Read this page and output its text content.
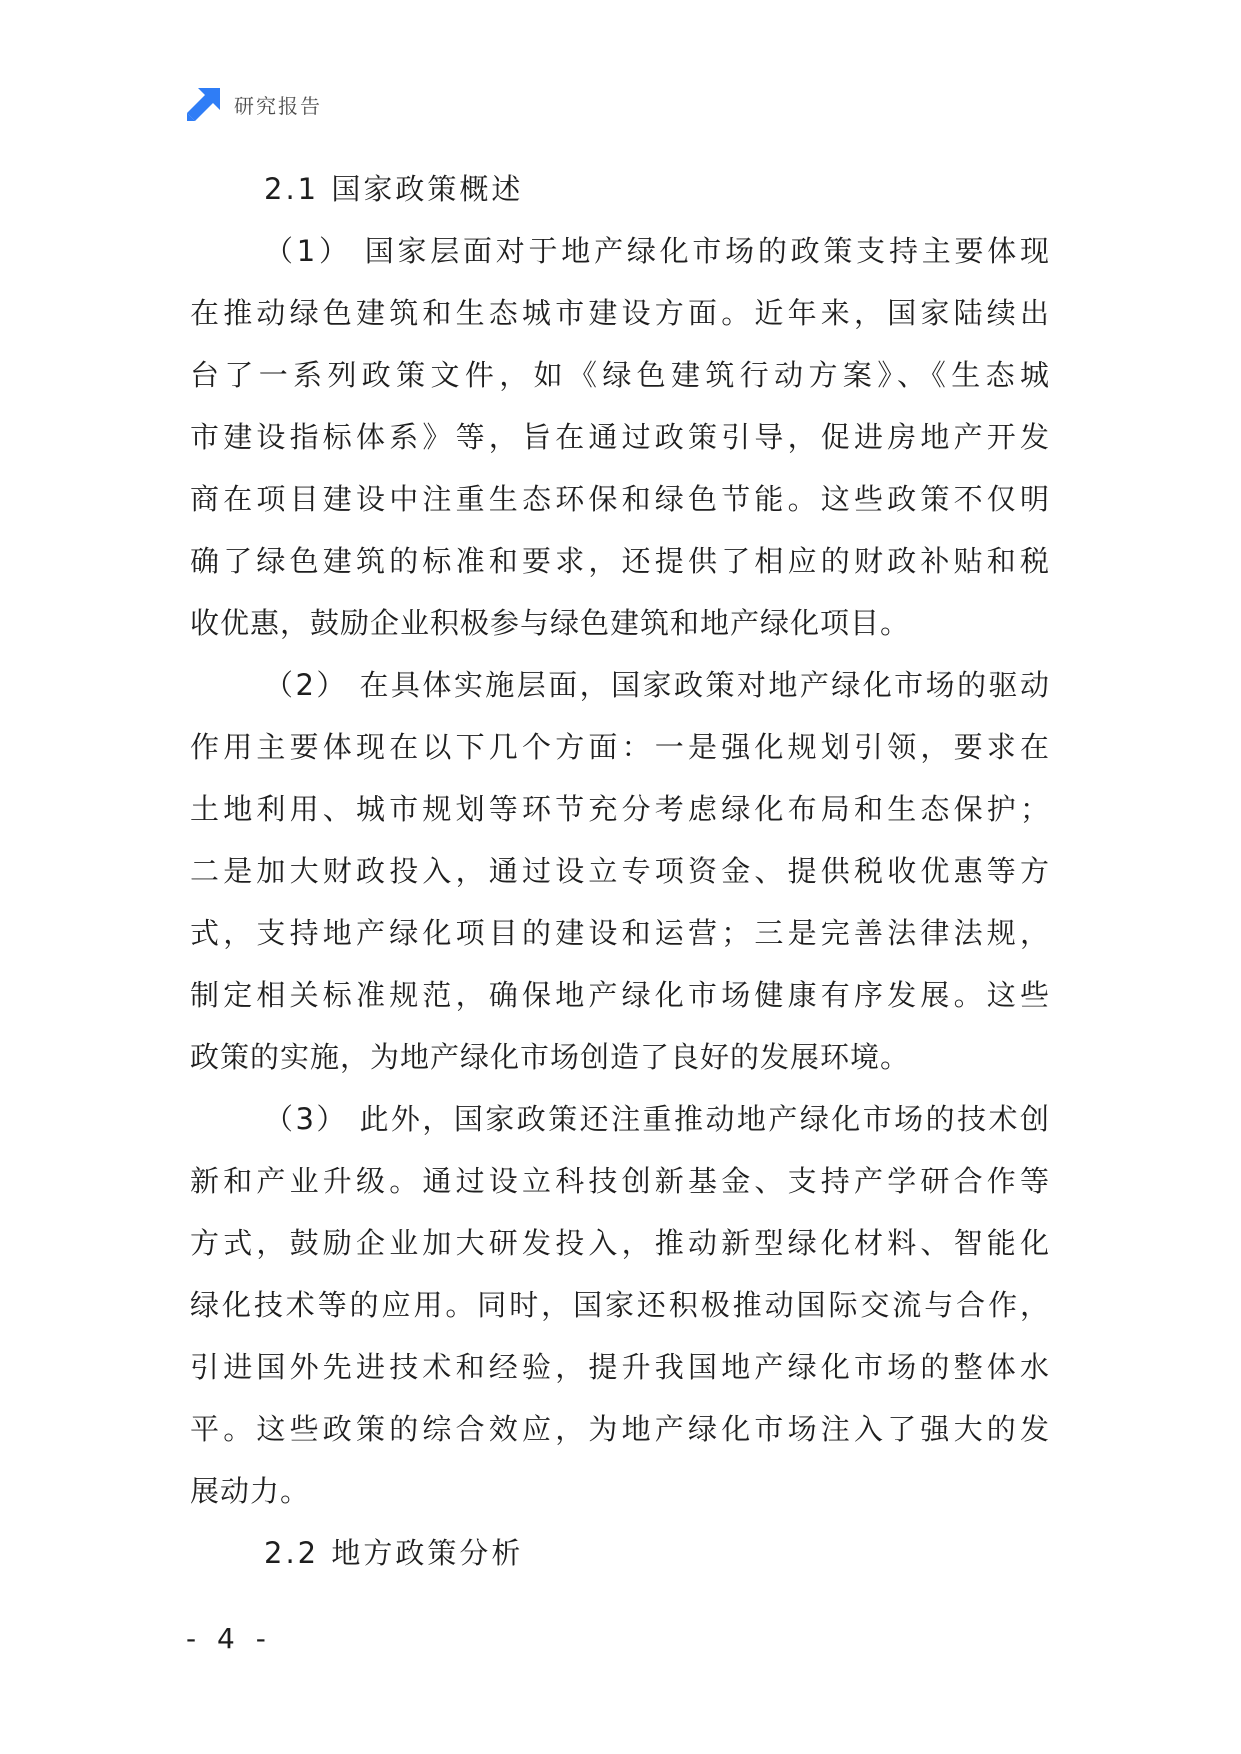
研究报告
2.1 国家政策概述
（1） 国家层面对于地产绿化市场的政策支持主要体现
在推动绿色建筑和生态城市建设方面。近年来，国家陆续出
台了一系列政策文件，如《绿色建筑行动方案》、《生态城
市建设指标体系》等，旨在通过政策引导，促进房地产开发
商在项目建设中注重生态环保和绿色节能。这些政策不仅明
确了绿色建筑的标准和要求，还提供了相应的财政补贴和税
收优惠，鼓励企业积极参与绿色建筑和地产绿化项目。
（2） 在具体实施层面，国家政策对地产绿化市场的驱动
作用主要体现在以下几个方面：一是强化规划引领，要求在
土地利用、城市规划等环节充分考虑绿化布局和生态保护；
二是加大财政投入，通过设立专项资金、提供税收优惠等方
式，支持地产绿化项目的建设和运营；三是完善法律法规，
制定相关标准规范，确保地产绿化市场健康有序发展。这些
政策的实施，为地产绿化市场创造了良好的发展环境。
（3） 此外，国家政策还注重推动地产绿化市场的技术创
新和产业升级。通过设立科技创新基金、支持产学研合作等
方式，鼓励企业加大研发投入，推动新型绿化材料、智能化
绿化技术等的应用。同时，国家还积极推动国际交流与合作，
引进国外先进技术和经验，提升我国地产绿化市场的整体水
平。这些政策的综合效应，为地产绿化市场注入了强大的发
展动力。
2.2 地方政策分析
- 4 -
